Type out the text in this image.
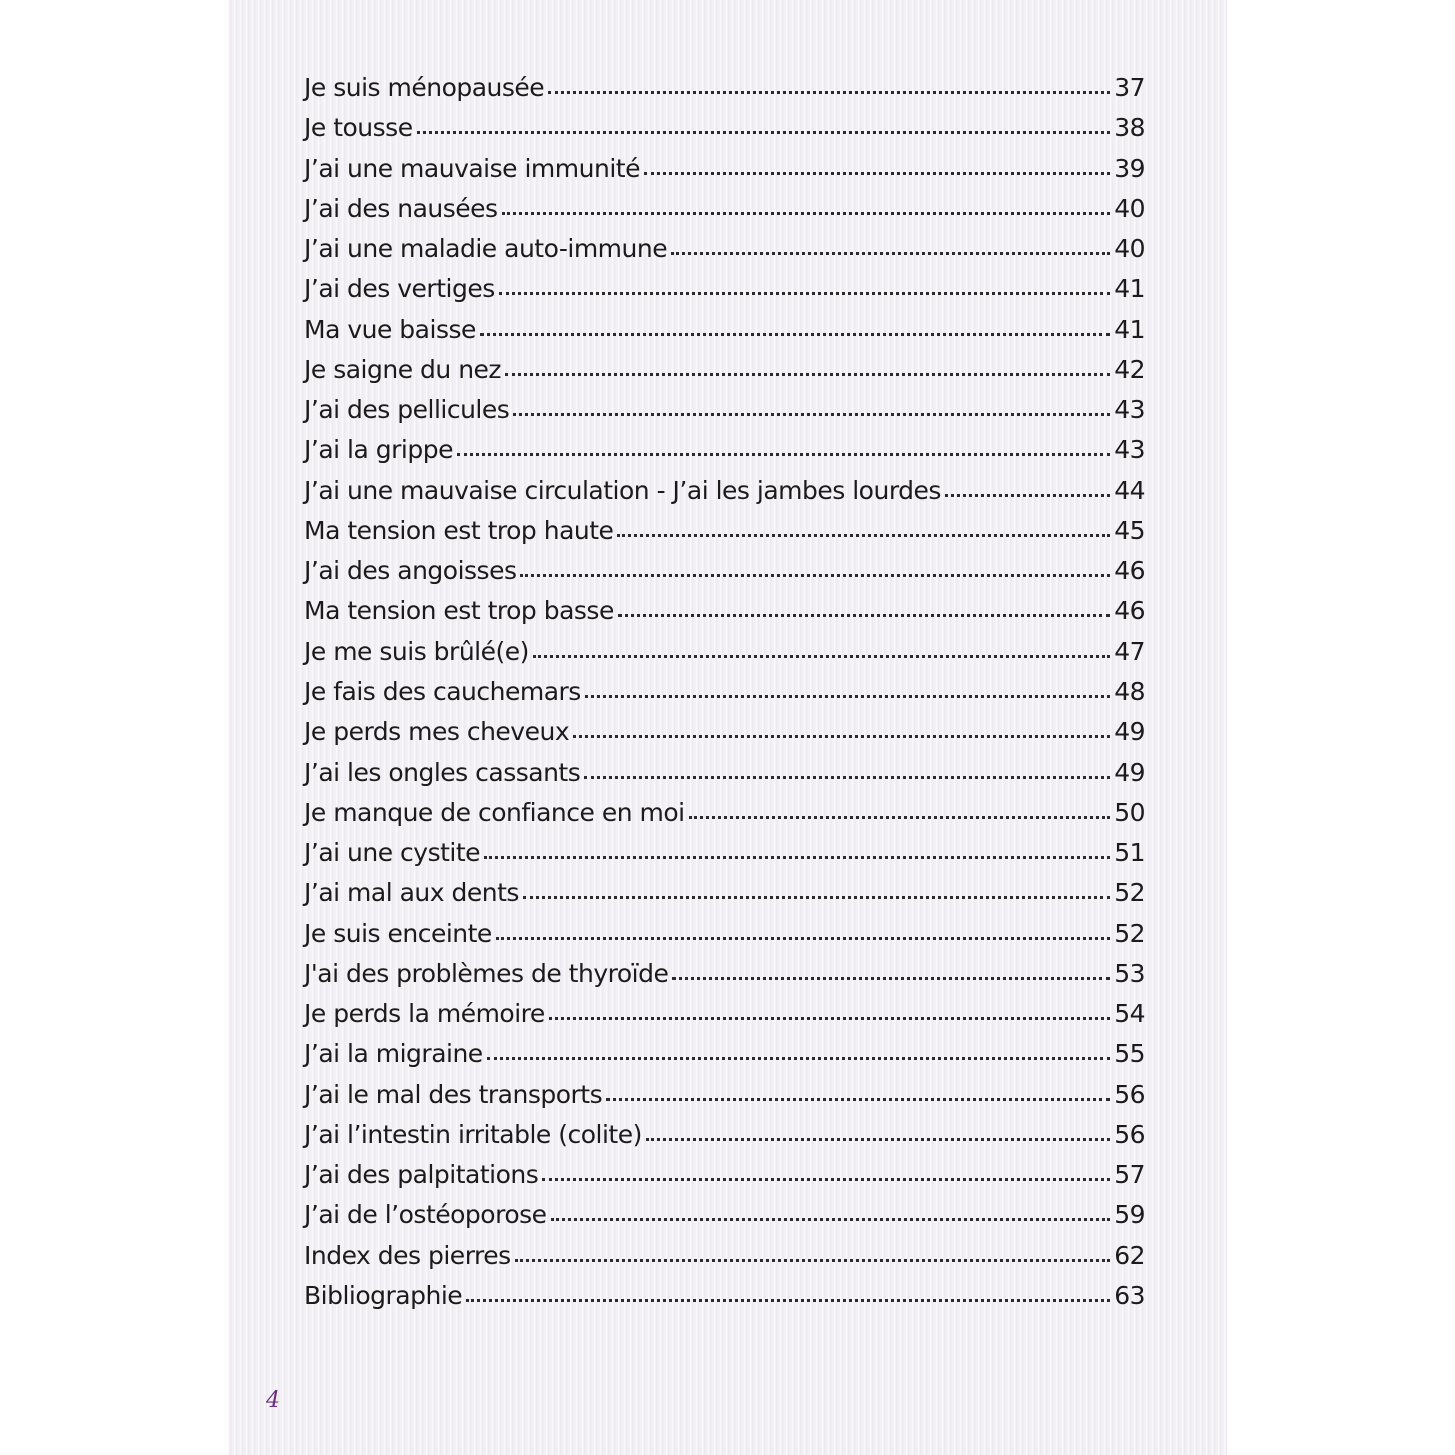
Je suis ménopausée	37
Je tousse	38
J’ai une mauvaise immunité	39
J’ai des nausées	40
J’ai une maladie auto-immune	40
J’ai des vertiges	41
Ma vue baisse	41
Je saigne du nez	42
J’ai des pellicules	43
J’ai la grippe	43
J’ai une mauvaise circulation - J’ai les jambes lourdes	44
Ma tension est trop haute	45
J’ai des angoisses	46
Ma tension est trop basse	46
Je me suis brûlé(e)	47
Je fais des cauchemars	48
Je perds mes cheveux	49
J’ai les ongles cassants	49
Je manque de confiance en moi	50
J’ai une cystite	51
J’ai mal aux dents	52
Je suis enceinte	52
J'ai des problèmes de thyroïde	53
Je perds la mémoire	54
J’ai la migraine	55
J’ai le mal des transports	56
J’ai l’intestin irritable (colite)	56
J’ai des palpitations	57
J’ai de l’ostéoporose	59
Index des pierres	62
Bibliographie	63
4
